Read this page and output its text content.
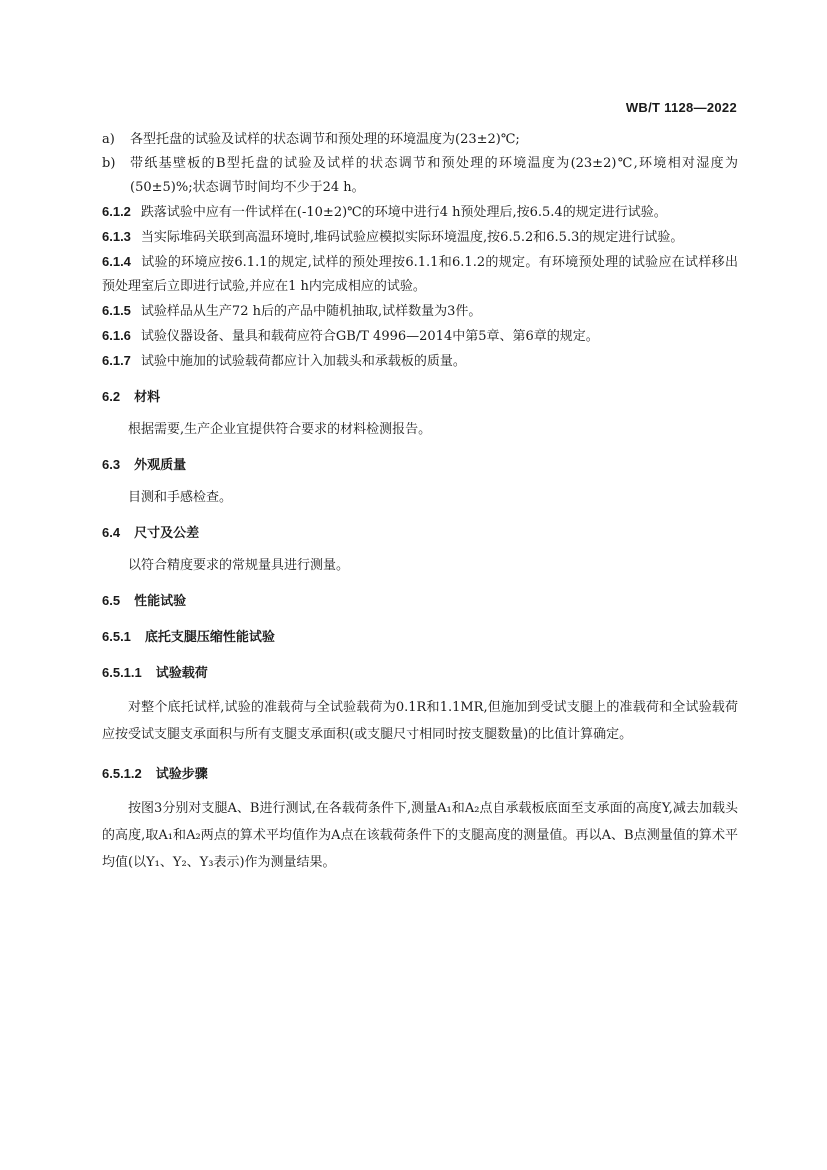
WB/T 1128—2022
a)	各型托盘的试验及试样的状态调节和预处理的环境温度为(23±2)℃;
b)	带纸基壁板的B型托盘的试验及试样的状态调节和预处理的环境温度为(23±2)℃,环境相对湿度为(50±5)%;状态调节时间均不少于24 h。
6.1.2 跌落试验中应有一件试样在(-10±2)℃的环境中进行4 h预处理后,按6.5.4的规定进行试验。
6.1.3 当实际堆码关联到高温环境时,堆码试验应模拟实际环境温度,按6.5.2和6.5.3的规定进行试验。
6.1.4 试验的环境应按6.1.1的规定,试样的预处理按6.1.1和6.1.2的规定。有环境预处理的试验应在试样移出预处理室后立即进行试验,并应在1 h内完成相应的试验。
6.1.5 试验样品从生产72 h后的产品中随机抽取,试样数量为3件。
6.1.6 试验仪器设备、量具和载荷应符合GB/T 4996—2014中第5章、第6章的规定。
6.1.7 试验中施加的试验载荷都应计入加载头和承载板的质量。
6.2 材料
根据需要,生产企业宜提供符合要求的材料检测报告。
6.3 外观质量
目测和手感检查。
6.4 尺寸及公差
以符合精度要求的常规量具进行测量。
6.5 性能试验
6.5.1 底托支腿压缩性能试验
6.5.1.1 试验载荷
对整个底托试样,试验的准载荷与全试验载荷为0.1R和1.1MR,但施加到受试支腿上的准载荷和全试验载荷应按受试支腿支承面积与所有支腿支承面积(或支腿尺寸相同时按支腿数量)的比值计算确定。
6.5.1.2 试验步骤
按图3分别对支腿A、B进行测试,在各载荷条件下,测量A₁和A₂点自承载板底面至支承面的高度Y,减去加载头的高度,取A₁和A₂两点的算术平均值作为A点在该载荷条件下的支腿高度的测量值。再以A、B点测量值的算术平均值(以Y₁、Y₂、Y₃表示)作为测量结果。
